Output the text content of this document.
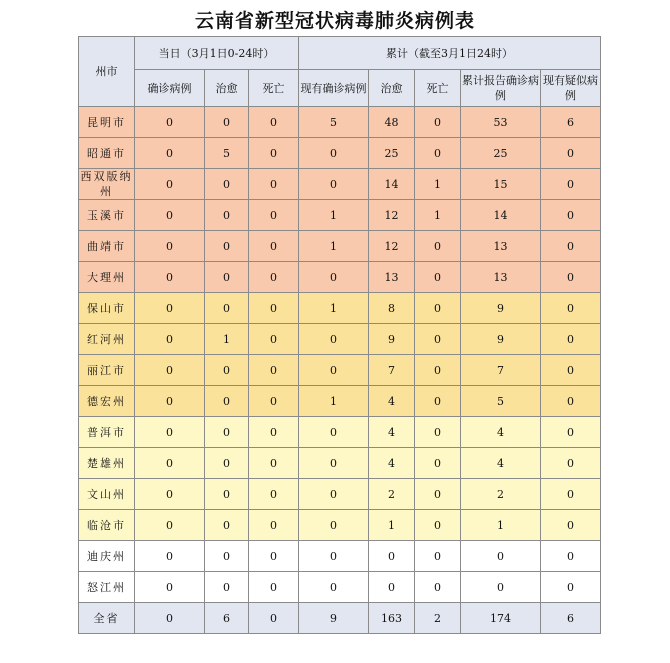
云南省新型冠状病毒肺炎病例表
州市	当日（3月1日0-24时）			累计（截至3月1日24时）				
	确诊病例	治愈	死亡	现有确诊病例	治愈	死亡	累计报告确诊病例	现有疑似病例
昆明市	0	0	0	5	48	0	53	6
昭通市	0	5	0	0	25	0	25	0
西双版纳州	0	0	0	0	14	1	15	0
玉溪市	0	0	0	1	12	1	14	0
曲靖市	0	0	0	1	12	0	13	0
大理州	0	0	0	0	13	0	13	0
保山市	0	0	0	1	8	0	9	0
红河州	0	1	0	0	9	0	9	0
丽江市	0	0	0	0	7	0	7	0
德宏州	0	0	0	1	4	0	5	0
普洱市	0	0	0	0	4	0	4	0
楚雄州	0	0	0	0	4	0	4	0
文山州	0	0	0	0	2	0	2	0
临沧市	0	0	0	0	1	0	1	0
迪庆州	0	0	0	0	0	0	0	0
怒江州	0	0	0	0	0	0	0	0
全省	0	6	0	9	163	2	174	6
